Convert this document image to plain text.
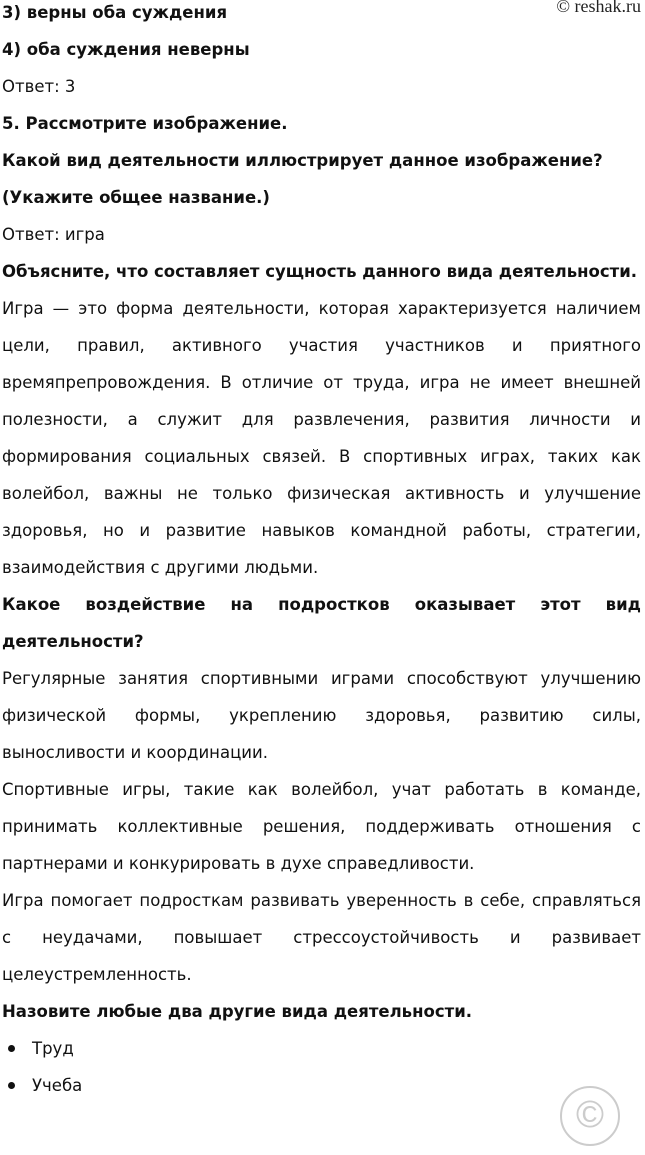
© reshak.ru
©

3) верны оба суждения

4) оба суждения неверны

Ответ: 3

5. Рассмотрите изображение.

Какой вид деятельности иллюстрирует данное изображение? (Укажите общее название.)

Ответ: игра

Объясните, что составляет сущность данного вида деятельности.

Игра — это форма деятельности, которая характеризуется наличием цели, правил, активного участия участников и приятного времяпрепровождения. В отличие от труда, игра не имеет внешней полезности, а служит для развлечения, развития личности и формирования социальных связей. В спортивных играх, таких как волейбол, важны не только физическая активность и улучшение здоровья, но и развитие навыков командной работы, стратегии, взаимодействия с другими людьми.

Какое воздействие на подростков оказывает этот вид деятельности?

Регулярные занятия спортивными играми способствуют улучшению физической формы, укреплению здоровья, развитию силы, выносливости и координации.

Спортивные игры, такие как волейбол, учат работать в команде, принимать коллективные решения, поддерживать отношения с партнерами и конкурировать в духе справедливости.

Игра помогает подросткам развивать уверенность в себе, справляться с неудачами, повышает стрессоустойчивость и развивает целеустремленность.

Назовите любые два другие вида деятельности.

Труд
Учеба
